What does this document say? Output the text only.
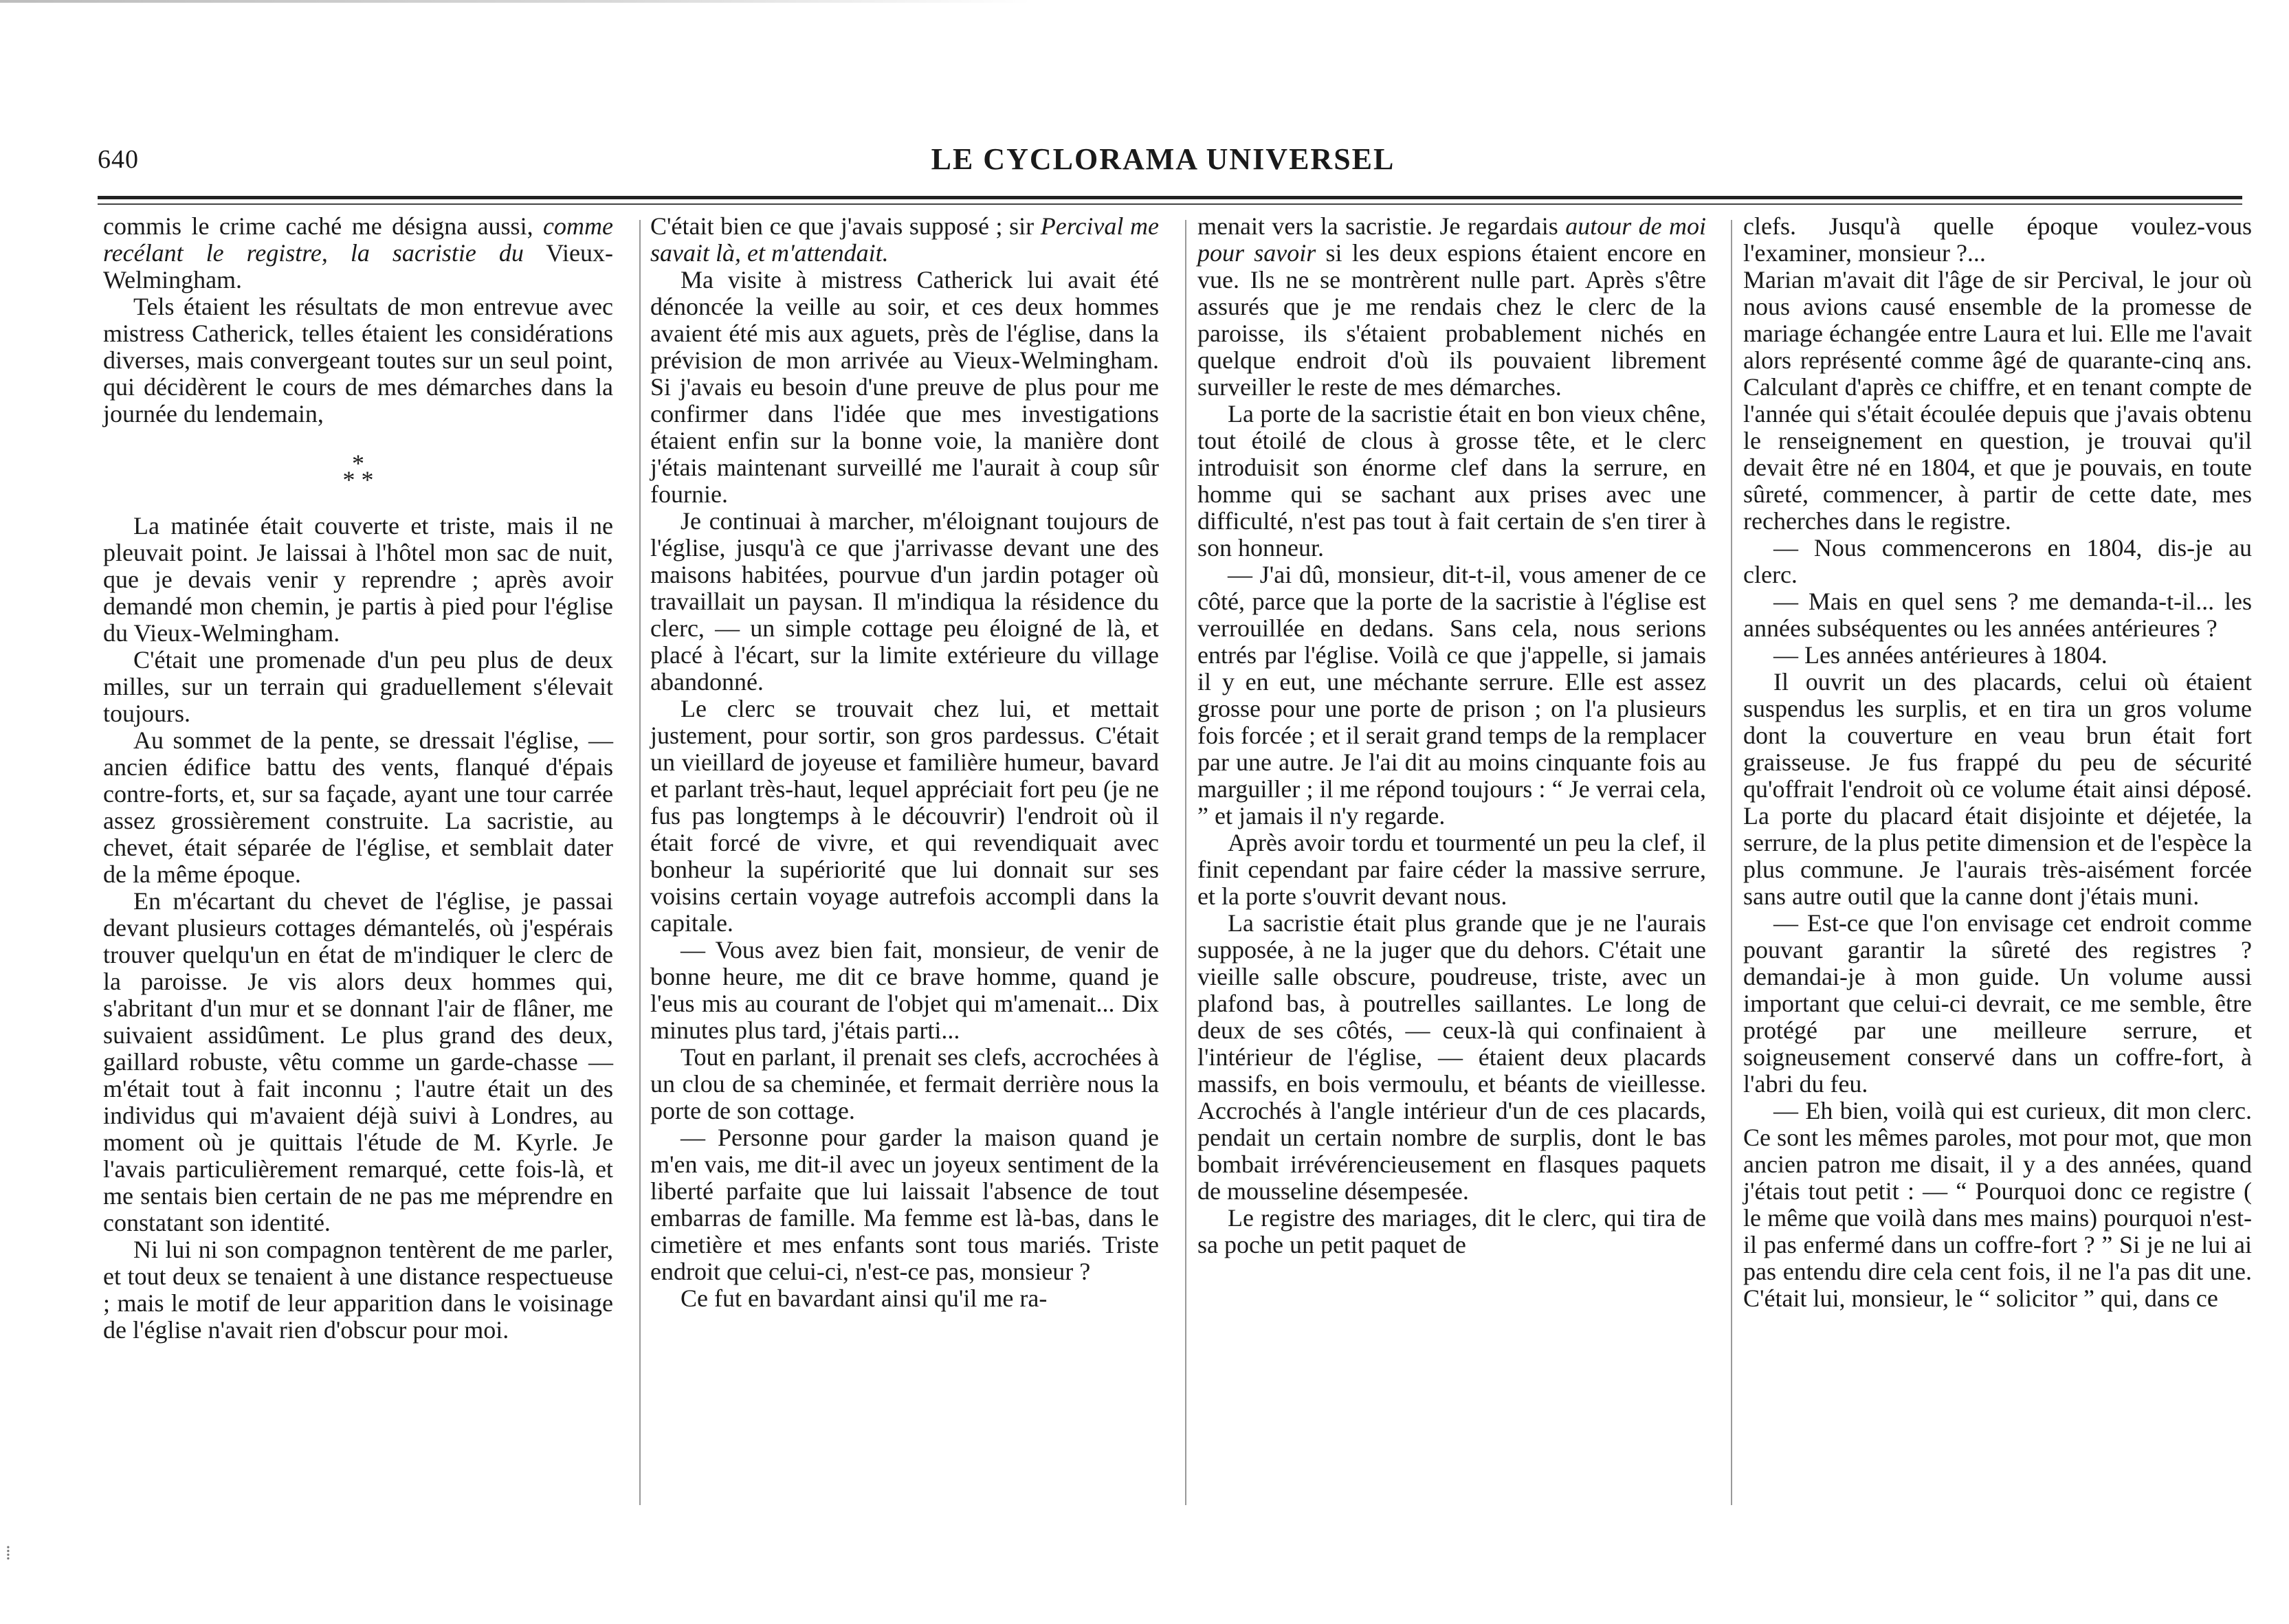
640	LE CYCLORAMA UNIVERSEL

commis le crime caché me désigna aussi, comme recélant le registre, la sacristie du Vieux-Welmingham.

Tels étaient les résultats de mon entrevue avec mistress Catherick, telles étaient les considérations diverses, mais convergeant toutes sur un seul point, qui décidèrent le cours de mes démarches dans la journée du lendemain,

*
* *

La matinée était couverte et triste, mais il ne pleuvait point. Je laissai à l'hôtel mon sac de nuit, que je devais venir y reprendre ; après avoir demandé mon chemin, je partis à pied pour l'église du Vieux-Welmingham.

C'était une promenade d'un peu plus de deux milles, sur un terrain qui graduellement s'élevait toujours.

Au sommet de la pente, se dressait l'église, — ancien édifice battu des vents, flanqué d'épais contre-forts, et, sur sa façade, ayant une tour carrée assez grossièrement construite. La sacristie, au chevet, était séparée de l'église, et semblait dater de la même époque.

En m'écartant du chevet de l'église, je passai devant plusieurs cottages démantelés, où j'espérais trouver quelqu'un en état de m'indiquer le clerc de la paroisse. Je vis alors deux hommes qui, s'abritant d'un mur et se donnant l'air de flâner, me suivaient assidûment. Le plus grand des deux, gaillard robuste, vêtu comme un garde-chasse — m'était tout à fait inconnu ; l'autre était un des individus qui m'avaient déjà suivi à Londres, au moment où je quittais l'étude de M. Kyrle. Je l'avais particulièrement remarqué, cette fois-là, et me sentais bien certain de ne pas me méprendre en constatant son identité.

Ni lui ni son compagnon tentèrent de me parler, et tout deux se tenaient à une distance respectueuse ; mais le motif de leur apparition dans le voisinage de l'église n'avait rien d'obscur pour moi.

C'était bien ce que j'avais supposé ; sir Percival me savait là, et m'attendait.

Ma visite à mistress Catherick lui avait été dénoncée la veille au soir, et ces deux hommes avaient été mis aux aguets, près de l'église, dans la prévision de mon arrivée au Vieux-Welmingham. Si j'avais eu besoin d'une preuve de plus pour me confirmer dans l'idée que mes investigations étaient enfin sur la bonne voie, la manière dont j'étais maintenant surveillé me l'aurait à coup sûr fournie.

Je continuai à marcher, m'éloignant toujours de l'église, jusqu'à ce que j'arrivasse devant une des maisons habitées, pourvue d'un jardin potager où travaillait un paysan. Il m'indiqua la résidence du clerc, — un simple cottage peu éloigné de là, et placé à l'écart, sur la limite extérieure du village abandonné.

Le clerc se trouvait chez lui, et mettait justement, pour sortir, son gros pardessus. C'était un vieillard de joyeuse et familière humeur, bavard et parlant très-haut, lequel appréciait fort peu (je ne fus pas longtemps à le découvrir) l'endroit où il était forcé de vivre, et qui revendiquait avec bonheur la supériorité que lui donnait sur ses voisins certain voyage autrefois accompli dans la capitale.

— Vous avez bien fait, monsieur, de venir de bonne heure, me dit ce brave homme, quand je l'eus mis au courant de l'objet qui m'amenait... Dix minutes plus tard, j'étais parti...

Tout en parlant, il prenait ses clefs, accrochées à un clou de sa cheminée, et fermait derrière nous la porte de son cottage.

— Personne pour garder la maison quand je m'en vais, me dit-il avec un joyeux sentiment de la liberté parfaite que lui laissait l'absence de tout embarras de famille. Ma femme est là-bas, dans le cimetière et mes enfants sont tous mariés. Triste endroit que celui-ci, n'est-ce pas, monsieur ?

Ce fut en bavardant ainsi qu'il me ra-

menait vers la sacristie. Je regardais autour de moi pour savoir si les deux espions étaient encore en vue. Ils ne se montrèrent nulle part. Après s'être assurés que je me rendais chez le clerc de la paroisse, ils s'étaient probablement nichés en quelque endroit d'où ils pouvaient librement surveiller le reste de mes démarches.

La porte de la sacristie était en bon vieux chêne, tout étoilé de clous à grosse tête, et le clerc introduisit son énorme clef dans la serrure, en homme qui se sachant aux prises avec une difficulté, n'est pas tout à fait certain de s'en tirer à son honneur.

— J'ai dû, monsieur, dit-t-il, vous amener de ce côté, parce que la porte de la sacristie à l'église est verrouillée en dedans. Sans cela, nous serions entrés par l'église. Voilà ce que j'appelle, si jamais il y en eut, une méchante serrure. Elle est assez grosse pour une porte de prison ; on l'a plusieurs fois forcée ; et il serait grand temps de la remplacer par une autre. Je l'ai dit au moins cinquante fois au marguiller ; il me répond toujours : “ Je verrai cela, ” et jamais il n'y regarde.

Après avoir tordu et tourmenté un peu la clef, il finit cependant par faire céder la massive serrure, et la porte s'ouvrit devant nous.

La sacristie était plus grande que je ne l'aurais supposée, à ne la juger que du dehors. C'était une vieille salle obscure, poudreuse, triste, avec un plafond bas, à poutrelles saillantes. Le long de deux de ses côtés, — ceux-là qui confinaient à l'intérieur de l'église, — étaient deux placards massifs, en bois vermoulu, et béants de vieillesse. Accrochés à l'angle intérieur d'un de ces placards, pendait un certain nombre de surplis, dont le bas bombait irrévérencieusement en flasques paquets de mousseline désempesée.

Le registre des mariages, dit le clerc, qui tira de sa poche un petit paquet de

clefs. Jusqu'à quelle époque voulez-vous l'examiner, monsieur ?...

Marian m'avait dit l'âge de sir Percival, le jour où nous avions causé ensemble de la promesse de mariage échangée entre Laura et lui. Elle me l'avait alors représenté comme âgé de quarante-cinq ans. Calculant d'après ce chiffre, et en tenant compte de l'année qui s'était écoulée depuis que j'avais obtenu le renseignement en question, je trouvai qu'il devait être né en 1804, et que je pouvais, en toute sûreté, commencer, à partir de cette date, mes recherches dans le registre.

— Nous commencerons en 1804, dis-je au clerc.

— Mais en quel sens ? me demanda-t-il... les années subséquentes ou les années antérieures ?

— Les années antérieures à 1804.

Il ouvrit un des placards, celui où étaient suspendus les surplis, et en tira un gros volume dont la couverture en veau brun était fort graisseuse. Je fus frappé du peu de sécurité qu'offrait l'endroit où ce volume était ainsi déposé. La porte du placard était disjointe et déjetée, la serrure, de la plus petite dimension et de l'espèce la plus commune. Je l'aurais très-aisément forcée sans autre outil que la canne dont j'étais muni.

— Est-ce que l'on envisage cet endroit comme pouvant garantir la sûreté des registres ? demandai-je à mon guide. Un volume aussi important que celui-ci devrait, ce me semble, être protégé par une meilleure serrure, et soigneusement conservé dans un coffre-fort, à l'abri du feu.

— Eh bien, voilà qui est curieux, dit mon clerc. Ce sont les mêmes paroles, mot pour mot, que mon ancien patron me disait, il y a des années, quand j'étais tout petit : — “ Pourquoi donc ce registre ( le même que voilà dans mes mains) pourquoi n'est-il pas enfermé dans un coffre-fort ? ” Si je ne lui ai pas entendu dire cela cent fois, il ne l'a pas dit une. C'était lui, monsieur, le “ solicitor ” qui, dans ce

⁞
